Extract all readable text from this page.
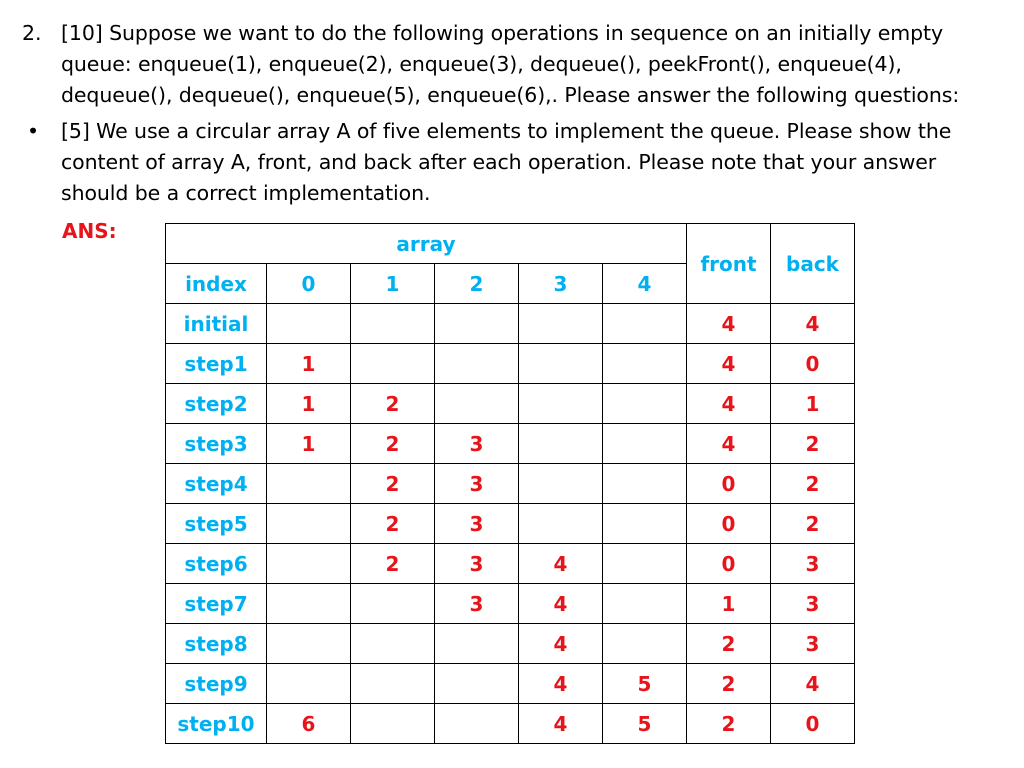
2. [10] Suppose we want to do the following operations in sequence on an initially empty
queue: enqueue(1), enqueue(2), enqueue(3), dequeue(), peekFront(), enqueue(4),
dequeue(), dequeue(), enqueue(5), enqueue(6),. Please answer the following questions:
• [5] We use a circular array A of five elements to implement the queue. Please show the
content of array A, front, and back after each operation. Please note that your answer
should be a correct implementation.
ANS:
array						front	back
index	0	1	2	3	4		
initial						4	4
step1	1					4	0
step2	1	2				4	1
step3	1	2	3			4	2
step4		2	3			0	2
step5		2	3			0	2
step6		2	3	4		0	3
step7			3	4		1	3
step8				4		2	3
step9				4	5	2	4
step10	6			4	5	2	0
